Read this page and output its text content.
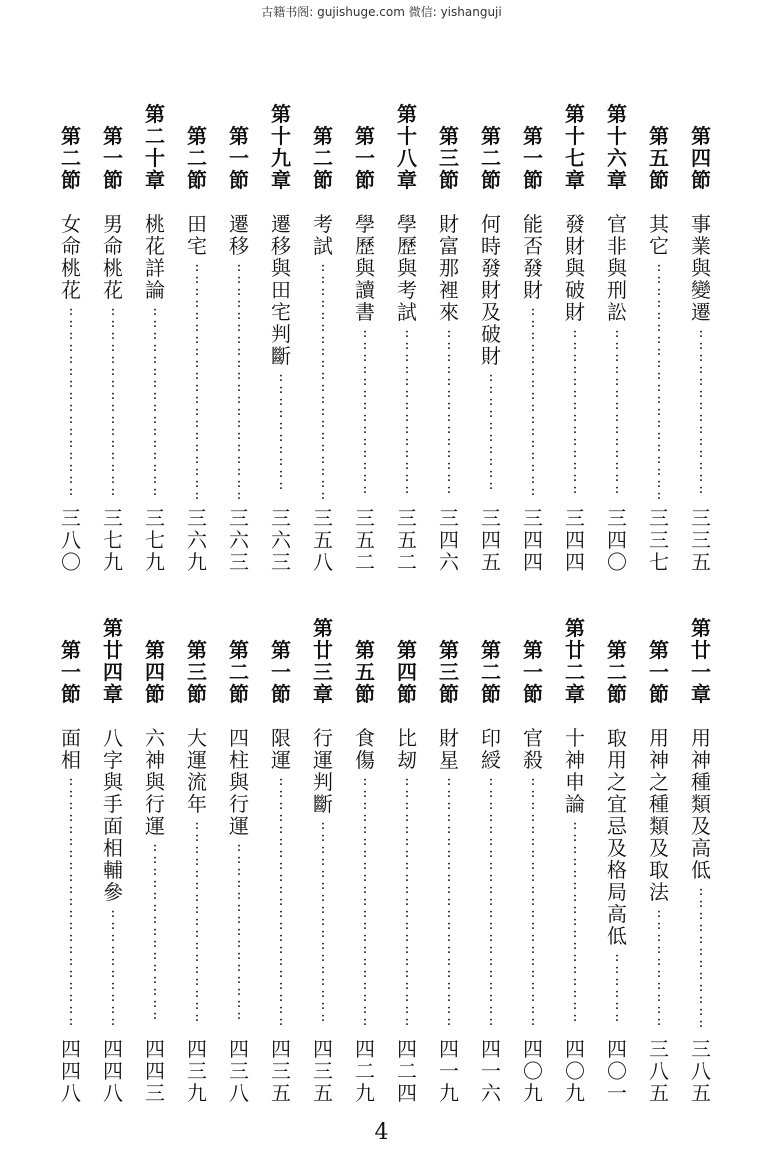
古籍书阁: gujishuge.com 微信: yishanguji
第
四
節
事
業
與
變
遷
:
:
:
:
:
:
:
:
:
:
:
:
:
:
三
三
五
第
五
節
其
它
:
:
:
:
:
:
:
:
:
:
:
:
:
:
:
:
:
:
:
:
三
三
七
第
十
六
章
官
非
與
刑
訟
:
:
:
:
:
:
:
:
:
:
:
:
:
:
三
四
〇
第
十
七
章
發
財
與
破
財
:
:
:
:
:
:
:
:
:
:
:
:
:
:
三
四
四
第
一
節
能
否
發
財
:
:
:
:
:
:
:
:
:
:
:
:
:
:
:
:
三
四
四
第
二
節
何
時
發
財
及
破
財
:
:
:
:
:
:
:
:
:
:
三
四
五
第
三
節
財
富
那
裡
來
:
:
:
:
:
:
:
:
:
:
:
:
:
:
三
四
六
第
十
八
章
學
歷
與
考
試
:
:
:
:
:
:
:
:
:
:
:
:
:
:
三
五
二
第
一
節
學
歷
與
讀
書
:
:
:
:
:
:
:
:
:
:
:
:
:
:
三
五
二
第
二
節
考
試
:
:
:
:
:
:
:
:
:
:
:
:
:
:
:
:
:
:
:
:
三
五
八
第
十
九
章
遷
移
與
田
宅
判
斷
:
:
:
:
:
:
:
:
:
:
三
六
三
第
一
節
遷
移
:
:
:
:
:
:
:
:
:
:
:
:
:
:
:
:
:
:
:
:
三
六
三
第
二
節
田
宅
:
:
:
:
:
:
:
:
:
:
:
:
:
:
:
:
:
:
:
:
三
六
九
第
二
十
章
桃
花
詳
論
:
:
:
:
:
:
:
:
:
:
:
:
:
:
:
:
三
七
九
第
一
節
男
命
桃
花
:
:
:
:
:
:
:
:
:
:
:
:
:
:
:
:
三
七
九
第
二
節
女
命
桃
花
:
:
:
:
:
:
:
:
:
:
:
:
:
:
:
:
三
八
〇
第
廿
一
章
用
神
種
類
及
高
低
:
:
:
:
:
:
:
:
:
:
:
:
三
八
五
第
一
節
用
神
之
種
類
及
取
法
:
:
:
:
:
:
:
:
:
:
三
八
五
第
二
節
取
用
之
宜
忌
及
格
局
高
低
:
:
:
:
:
:
四
〇
一
第
廿
二
章
十
神
申
論
:
:
:
:
:
:
:
:
:
:
:
:
:
:
:
:
:
四
〇
九
第
一
節
官
殺
:
:
:
:
:
:
:
:
:
:
:
:
:
:
:
:
:
:
:
:
:
四
〇
九
第
二
節
印
綬
:
:
:
:
:
:
:
:
:
:
:
:
:
:
:
:
:
:
:
:
:
四
一
六
第
三
節
財
星
:
:
:
:
:
:
:
:
:
:
:
:
:
:
:
:
:
:
:
:
:
四
一
九
第
四
節
比
刼
:
:
:
:
:
:
:
:
:
:
:
:
:
:
:
:
:
:
:
:
:
四
二
四
第
五
節
食
傷
:
:
:
:
:
:
:
:
:
:
:
:
:
:
:
:
:
:
:
:
:
四
二
九
第
廿
三
章
行
運
判
斷
:
:
:
:
:
:
:
:
:
:
:
:
:
:
:
:
:
四
三
五
第
一
節
限
運
:
:
:
:
:
:
:
:
:
:
:
:
:
:
:
:
:
:
:
:
:
四
三
五
第
二
節
四
柱
與
行
運
:
:
:
:
:
:
:
:
:
:
:
:
:
:
:
四
三
八
第
三
節
大
運
流
年
:
:
:
:
:
:
:
:
:
:
:
:
:
:
:
:
:
四
三
九
第
四
節
六
神
與
行
運
:
:
:
:
:
:
:
:
:
:
:
:
:
:
:
四
四
三
第
廿
四
章
八
字
與
手
面
相
輔
參
:
:
:
:
:
:
:
:
:
:
四
四
八
第
一
節
面
相
:
:
:
:
:
:
:
:
:
:
:
:
:
:
:
:
:
:
:
:
:
四
四
八
4
